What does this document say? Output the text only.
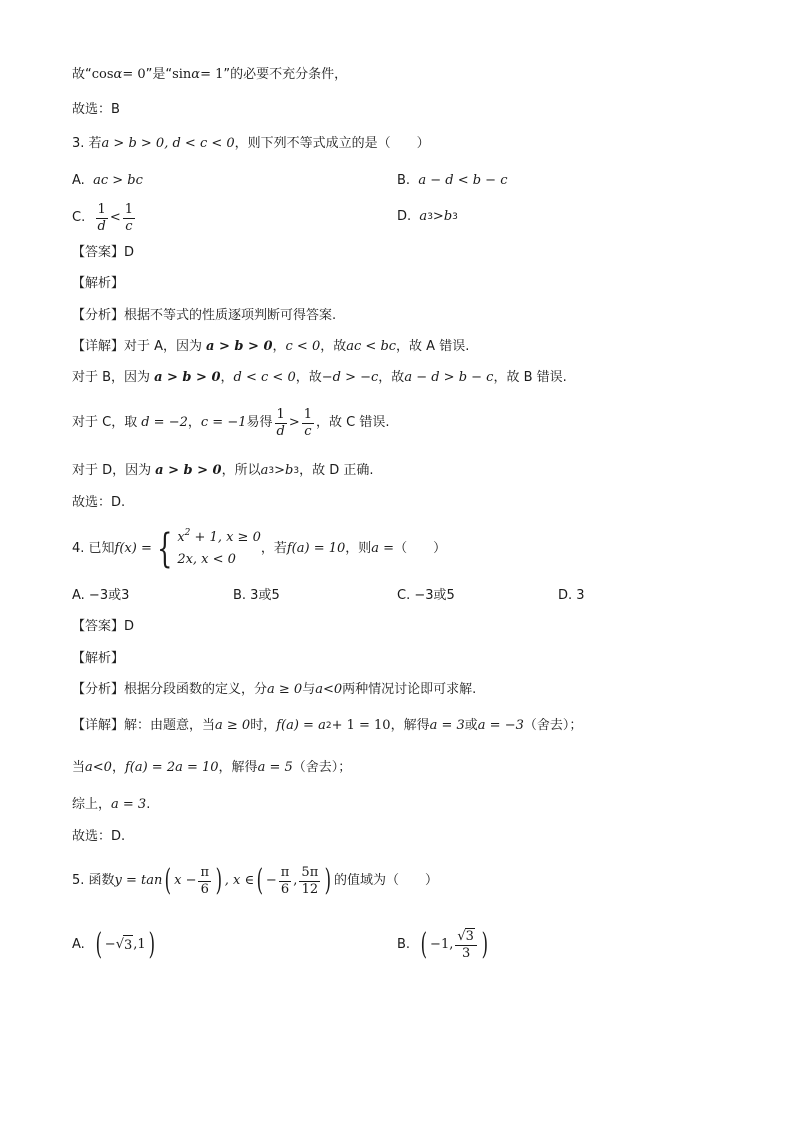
故“ cos α = 0 ”是“ sin α = 1 ”的必要不充分条件，
故选：B
3. 若 a > b > 0, d < c < 0 ，则下列不等式成立的是（　　）
A.
ac > bc	B.
a − d < b − c
C.
$\frac{1}{d} < \frac{1}{c}$	D.
a 3 > b 3
【答案】D
【解析】
【分析】根据不等式的性质逐项判断可得答案.
【详解】 对于 A，因为 a > b > 0 ， c < 0 ，故 ac < bc ，故 A 错误.
对于 B，因为 a > b > 0 ， d < c < 0 ，故 −d > −c ，故 a − d > b − c ，故 B 错误.
对于 C，取 d = −2 ， c = −1 易得 $\frac{1}{d} > \frac{1}{c}$ ，故 C 错误.
对于 D，因为 a > b > 0 ，所以 a 3 > b 3 ，故 D 正确.
故选：D.
4. 已知 f(x) = { $x^2 + 1$, x ≥ 0
2x, x < 0
，若 f(a) = 10 ，则 a = （　　）
A. −3或3	B. 3或5	C. −3或5	D. 3
【答案】D
【解析】
【分析】根据分段函数的定义，分 a ≥ 0 与 a<0 两种情况讨论即可求解.
【详解】解：由题意，当 a ≥ 0 时， f(a) = a 2 + 1 = 10 ，解得 a = 3 或 a = −3 （舍去）；
当 a<0 ， f(a) = 2a = 10 ，解得 a = 5 （舍去）；
综上， a = 3 .
故选：D.
5. 函数 y = tan ( $x - \frac{\pi}{6}$ ) , x ∈ ( − $\frac{\pi}{6}$ , $\frac{5\pi}{12}$ ) 的值域为（　　）
A.
( − √ 3 ,1 )	B.
( −1, $\frac{√3}{3}$ )
